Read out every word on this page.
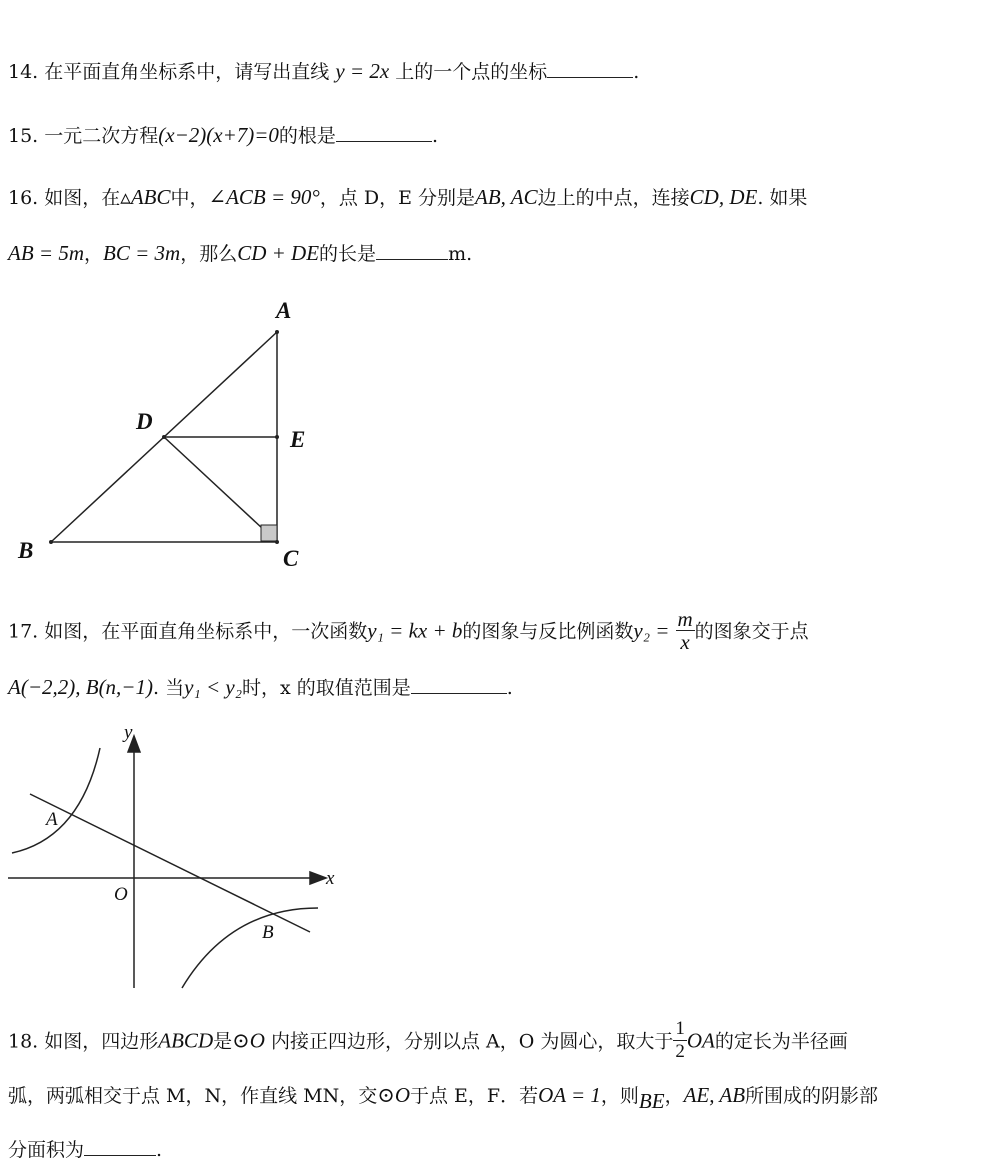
14. 在平面直角坐标系中，请写出直线 y = 2x 上的一个点的坐标	.
15. 一元二次方程(x−2)(x+7)=0的根是	.
16. 如图，在▵ABC中，∠ACB = 90°，点 D，E 分别是AB, AC边上的中点，连接CD, DE. 如果
AB = 5m，BC = 3m，那么CD + DE的长是	m.
A
B	C
D
E
17. 如图，在平面直角坐标系中，一次函数y₁ = kx + b的图象与反比例函数$y_2 = \frac{m}{x}$ 的图象交于点
A(−2,2), B(n,−1). 当y₁ < y₂时，x 的取值范围是	.
y
x
O
A
B
18. 如图，四边形ABCD是⊙O 内接正四边形，分别以点 A，O 为圆心，取大于 $\frac{1}{2}$ OA的定长为半径画
弧，两弧相交于点 M，N，作直线 MN，交⊙O于点 E，F．若OA = 1，则BE，AE, AB所围成的阴影部
分面积为	.
